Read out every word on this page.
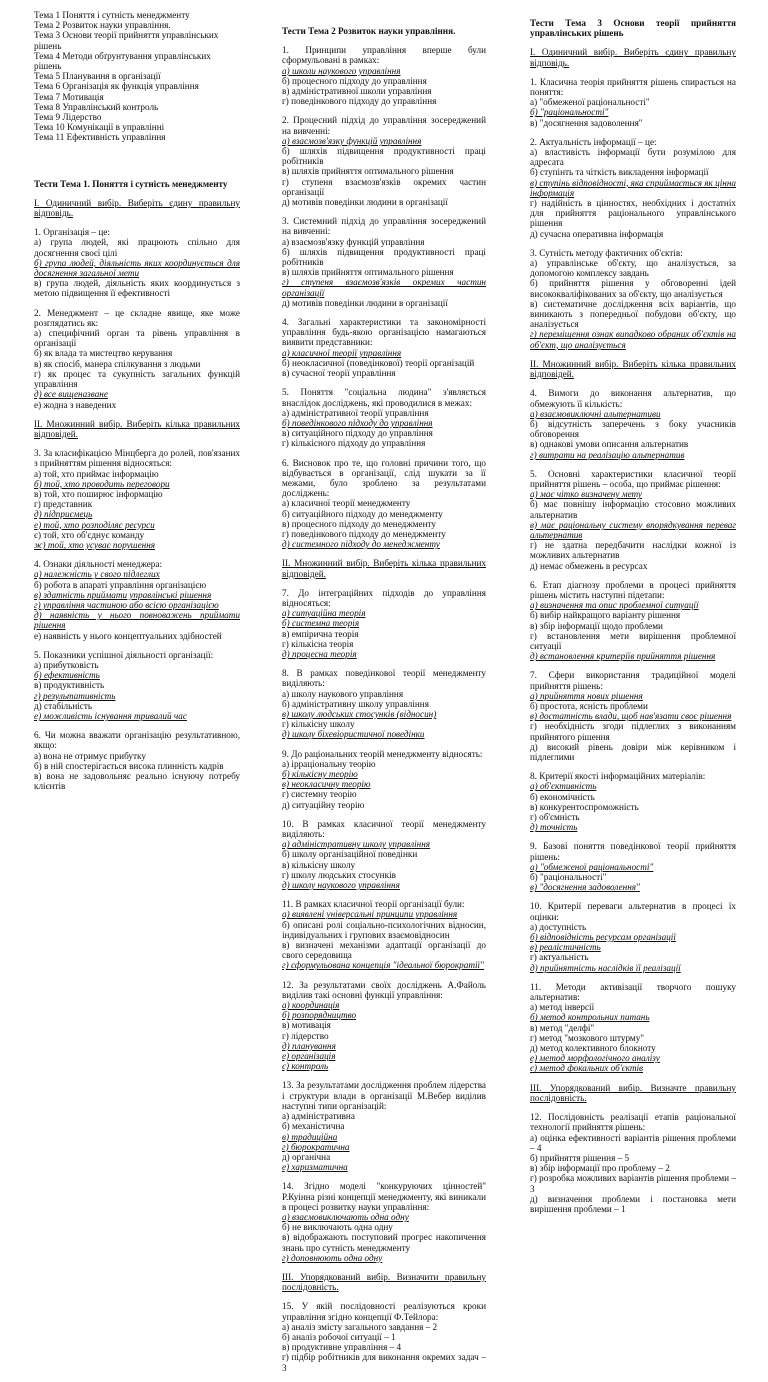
Тема 1 Поняття і сутність менеджменту
Тема 2 Розвиток науки управління.
Тема 3 Основи теорії прийняття управлінських рішень
Тема 4 Методи обґрунтування управлінських рішень
Тема 5 Планування в організації
Тема 6 Організація як функція управління
Тема 7 Мотивація
Тема 8 Управлінський контроль
Тема 9 Лідерство
Тема 10 Комунікації в управлінні
Тема 11 Ефективність управління
Тести Тема 1. Поняття і сутність менеджменту
І. Одиничний вибір. Виберіть єдину правильну відповідь.
1. Організація – це:
а) група людей, які працюють спільно для досягнення своєї цілі
б) група людей, діяльність яких координується для досягнення загальної мети
в) група людей, діяльність яких координується з метою підвищення її ефективності
2. Менеджмент – це складне явище, яке може розглядатись як:
а) специфічний орган та рівень управління в організації
б) як влада та мистецтво керування
в) як спосіб, манера спілкування з людьми
г) як процес та сукупність загальних функцій управління
д) все вищеназване
е) жодна з наведених
ІІ. Множинний вибір. Виберіть кілька правильних відповідей.
3. За класифікацією Мінцберга до ролей, пов'язаних з прийняттям рішення відносяться:
а) той, хто приймає інформацію
б) той, хто проводить переговори
в) той, хто поширює інформацію
г) представник
д) підприємець
е) той, хто розподіляє ресурси
є) той, хто об'єднує команду
ж) той, хто усуває порушення
4. Ознаки діяльності менеджера:
а) належність у свого підлеглих
б) робота в апараті управління організацією
в) здатність приймати управлінські рішення
г) управління частиною або всією організацією
д) наявність у нього повноважень приймати рішення
е) наявність у нього концептуальних здібностей
5. Показники успішної діяльності організації:
а) прибутковість
б) ефективність
в) продуктивність
г) результативність
д) стабільність
е) можливість існування тривалий час
6. Чи можна вважати організацію результативною, якщо:
а) вона не отримує прибутку
б) в ній спостерігається висока плинність кадрів
в) вона не задовольняє реально існуючу потребу клієнтів
Тести Тема 2 Розвиток науки управління.
1. Принципи управління вперше були сформульовані в рамках:
а) школи наукового управління
б) процесного підходу до управління
в) адміністративної школи управління
г) поведінкового підходу до управління
2. Процесний підхід до управління зосереджений на вивченні:
а) взаємозв'язку функцій управління
б) шляхів підвищення продуктивності праці робітників
в) шляхів прийняття оптимального рішення
г) ступеня взаємозв'язків окремих частин організації
д) мотивів поведінки людини в організації
3. Системний підхід до управління зосереджений на вивченні:
а) взаємозв'язку функцій управління
б) шляхів підвищення продуктивності праці робітників
в) шляхів прийняття оптимального рішення
г) ступеня взаємозв'язків окремих частин організації
д) мотивів поведінки людини в організації
4. Загальні характеристики та закономірності управління будь-якою організацією намагаються виявити представники:
а) класичної теорії управління
б) неокласичної (поведінкової) теорії організацій
в) сучасної теорії управління
5. Поняття "соціальна людина" з'являється внаслідок досліджень, які проводилися в межах:
а) адміністративної теорії управління
б) поведінкового підходу до управління
в) ситуаційного підходу до управління
г) кількісного підходу до управління
6. Висновок про те, що головні причини того, що відбувається в організації, слід шукати за її межами, було зроблено за результатами досліджень:
а) класичної теорії менеджменту
б) ситуаційного підходу до менеджменту
в) процесного підходу до менеджменту
г) поведінкового підходу до менеджменту
д) системного підходу до менеджменту
ІІ. Множинний вибір. Виберіть кілька правильних відповідей.
7. До інтеграційних підходів до управління відносяться:
а) ситуаційна теорія
б) системна теорія
в) емпірична теорія
г) кількісна теорія
д) процесна теорія
8. В рамках поведінкової теорії менеджменту виділяють:
а) школу наукового управління
б) адміністративну школу управління
в) школу людських стосунків (відносин)
г) кількісну школу
д) школу біхевіористичної поведінки
9. До раціональних теорій менеджменту відносять:
а) ірраціональну теорію
б) кількісну теорію
в) неокласичну теорію
г) системну теорію
д) ситуаційну теорію
10. В рамках класичної теорії менеджменту виділяють:
а) адміністративну школу управління
б) школу організаційної поведінки
в) кількісну школу
г) школу людських стосунків
д) школу наукового управління
11. В рамках класичної теорії організації були:
а) виявлені універсальні принципи управління
б) описані ролі соціально-психологічних відносин, індивідуальних і групових взаємовідносин
в) визначені механізми адаптації організації до свого середовища
г) сформульована концепція "ідеальної бюрократії"
12. За результатами своїх досліджень А.Файоль виділив такі основні функції управління:
а) координація
б) розпорядництво
в) мотивація
г) лідерство
д) планування
е) організація
є) контроль
13. За результатами дослідження проблем лідерства і структури влади в організації М.Вебер виділив наступні типи організацій:
а) адміністративна
б) механістична
в) традиційна
г) бюрократична
д) органічна
е) харизматична
14. Згідно моделі "конкуруючих цінностей" Р.Куінна різні концепції менеджменту, які виникали в процесі розвитку науки управління:
а) взаємовиключають одна одну
б) не виключають одна одну
в) відображають поступовий прогрес накопичення знань про сутність менеджменту
г) доповнюють одна одну
ІІІ. Упорядкований вибір. Визначити правильну послідовність.
15. У якій послідовності реалізуються кроки управління згідно концепції Ф.Тейлора:
а) аналіз змісту загального завдання – 2
б) аналіз робочої ситуації – 1
в) продуктивне управління – 4
г) підбір робітників для виконання окремих задач – 3
Тести Тема 3 Основи теорії прийняття управлінських рішень
І. Одиничний вибір. Виберіть єдину правильну відповідь.
1. Класична теорія прийняття рішень спирається на поняття:
а) "обмеженої раціональності"
б) "раціональності"
в) "досягнення задоволення"
2. Актуальність інформації – це:
а) властивість інформації бути розумілою для адресата
б) ступінть та чіткість викладення інформації
в) ступінь відповідності, яка сприймається як цінна інформація
г) надійність в цінностях, необхідних і достатніх для прийняття раціонального управлінського рішення
д) сучасна оперативна інформація
3. Сутність методу фактичних об'єктів:
а) управлінське об'єкту, що аналізується, за допомогою комплексу завдань
б) прийняття рішення у обговоренні ідей висококваліфікованих за об'єкту, що аналізується
в) систематичне дослідження всіх варіантів, що виникають з попередньої побудови об'єкту, що аналізується
г) переміщення ознак випадково обраних об'єктів на об'єкт, що аналізується
ІІ. Множинний вибір. Виберіть кілька правильних відповідей.
4. Вимоги до виконання альтернатив, що обмежують її кількість:
а) взаємовиключні альтернативи
б) відсутність заперечень з боку учасників обговорення
в) однакові умови описання альтернатив
г) витрати на реалізацію альтернатив
5. Основні характеристики класичної теорії прийняття рішень – особа, що приймає рішення:
а) має чітко визначену мету
б) має повнішу інформацію стосовно можливих альтернатив
в) має раціональну систему впорядкування переваг альтернатив
г) не здатна передбачити наслідки кожної із можливих альтернатив
д) немає обмежень в ресурсах
6. Етап діагнозу проблеми в процесі прийняття рішень містить наступні підетапи:
а) визначення та опис проблемної ситуації
б) вибір найкращого варіанту рішення
в) збір інформації щодо проблеми
г) встановлення мети вирішення проблемної ситуації
д) встановлення критеріїв прийняття рішення
7. Сфери використання традиційної моделі прийняття рішень:
а) прийняття нових рішення
б) простота, ясність проблеми
в) достатність влади, щоб нав'язати своє рішення
г) необхідність згоди підлеглих з виконанням прийнятого рішення
д) високий рівень довіри між керівником і підлеглими
8. Критерії якості інформаційних матеріалів:
а) об'єктивність
б) економічність
в) конкурентоспроможність
г) об'ємність
д) точність
9. Базові поняття поведінкової теорії прийняття рішень:
а) "обмеженої раціональності"
б) "раціональності"
в) "досягнення задоволення"
10. Критерії переваги альтернатив в процесі їх оцінки:
а) доступність
б) відповідність ресурсам організації
в) реалістичність
г) актуальність
д) прийнятність наслідків її реалізації
11. Методи активізації творчого пошуку альтернатив:
а) метод інверсії
б) метод контрольних питань
в) метод "делфі"
г) метод "мозкового штурму"
д) метод колективного блокноту
е) метод морфологічного аналізу
є) метод фокальних об'єктів
ІІІ. Упорядкований вибір. Визначте правильну послідовність.
12. Послідовність реалізації етапів раціональної технології прийняття рішень:
а) оцінка ефективності варіантів рішення проблеми – 4
б) прийняття рішення – 5
в) збір інформації про проблему – 2
г) розробка можливих варіантів рішення проблеми – 3
д) визначення проблеми і постановка мети вирішення проблеми – 1
